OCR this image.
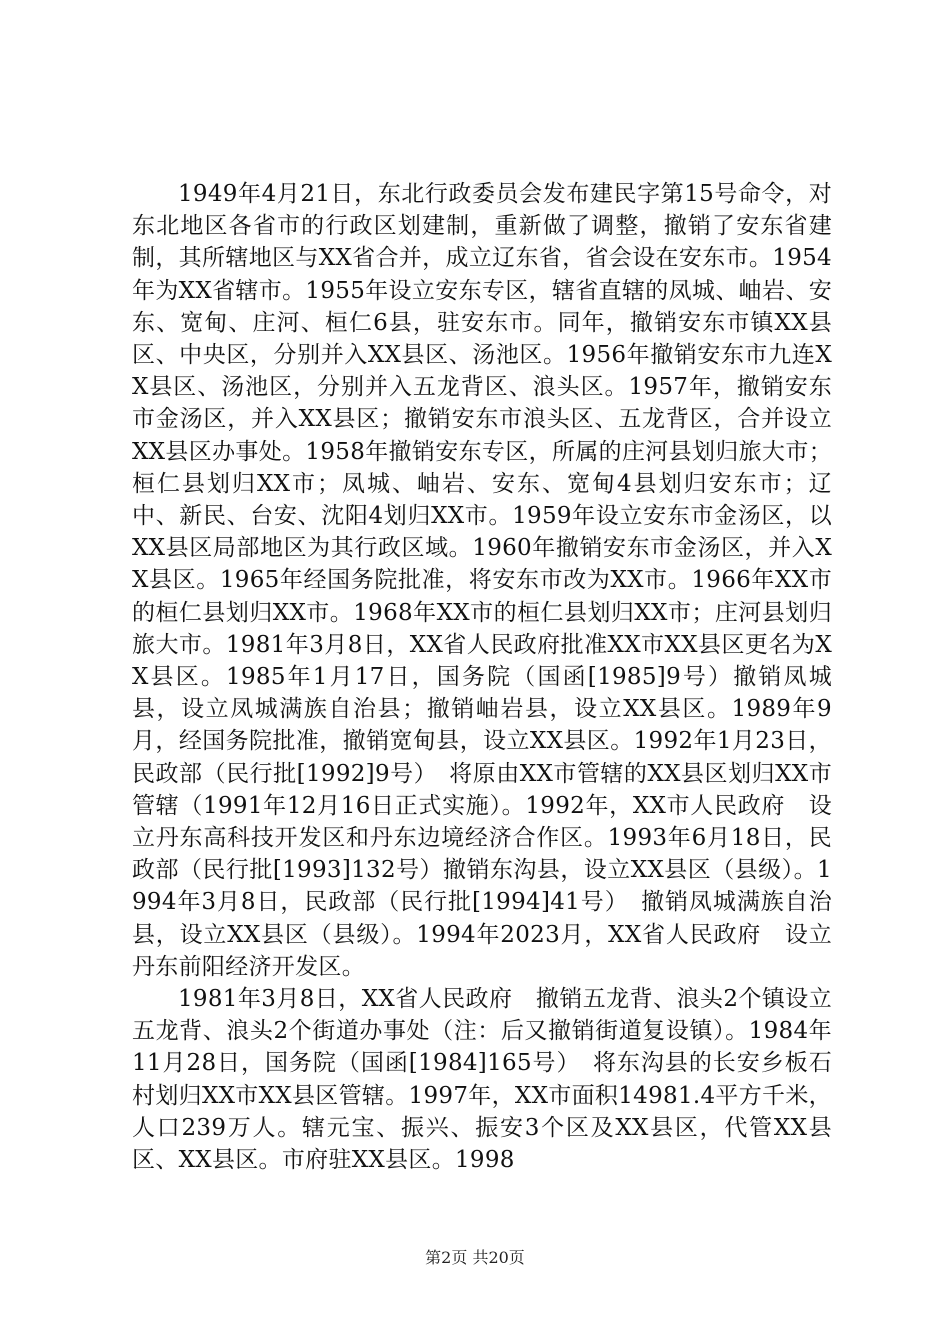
1949年4月21日，东北行政委员会发布建民字第15号命令，对东北地区各省市的行政区划建制，重新做了调整，撤销了安东省建制，其所辖地区与XX省合并，成立辽东省，省会设在安东市。1954年为XX省辖市。1955年设立安东专区，辖省直辖的凤城、岫岩、安东、宽甸、庄河、桓仁6县，驻安东市。同年，撤销安东市镇XX县区、中央区，分别并入XX县区、汤池区。1956年撤销安东市九连XX县区、汤池区，分别并入五龙背区、浪头区。1957年，撤销安东市金汤区，并入XX县区；撤销安东市浪头区、五龙背区，合并设立XX县区办事处。1958年撤销安东专区，所属的庄河县划归旅大市；桓仁县划归XX市；凤城、岫岩、安东、宽甸4县划归安东市；辽中、新民、台安、沈阳4划归XX市。1959年设立安东市金汤区，以XX县区局部地区为其行政区域。1960年撤销安东市金汤区，并入XX县区。1965年经国务院批准，将安东市改为XX市。1966年XX市的桓仁县划归XX市。1968年XX市的桓仁县划归XX市；庄河县划归旅大市。1981年3月8日，XX省人民政府批准XX市XX县区更名为XX县区。1985年1月17日，国务院（国函[1985]9号）撤销凤城县，设立凤城满族自治县；撤销岫岩县，设立XX县区。1989年9月，经国务院批准，撤销宽甸县，设立XX县区。1992年1月23日，民政部（民行批[1992]9号）　将原由XX市管辖的XX县区划归XX市管辖（1991年12月16日正式实施）。1992年，XX市人民政府　设立丹东高科技开发区和丹东边境经济合作区。1993年6月18日，民政部（民行批[1993]132号）撤销东沟县，设立XX县区（县级）。1994年3月8日，民政部（民行批[1994]41号）　撤销凤城满族自治县，设立XX县区（县级）。1994年2023月，XX省人民政府　设立丹东前阳经济开发区。

1981年3月8日，XX省人民政府　撤销五龙背、浪头2个镇设立五龙背、浪头2个街道办事处（注：后又撤销街道复设镇）。1984年11月28日，国务院（国函[1984]165号）　将东沟县的长安乡板石村划归XX市XX县区管辖。1997年，XX市面积14981.4平方千米，人口239万人。辖元宝、振兴、振安3个区及XX县区，代管XX县区、XX县区。市府驻XX县区。1998

第2页 共20页
